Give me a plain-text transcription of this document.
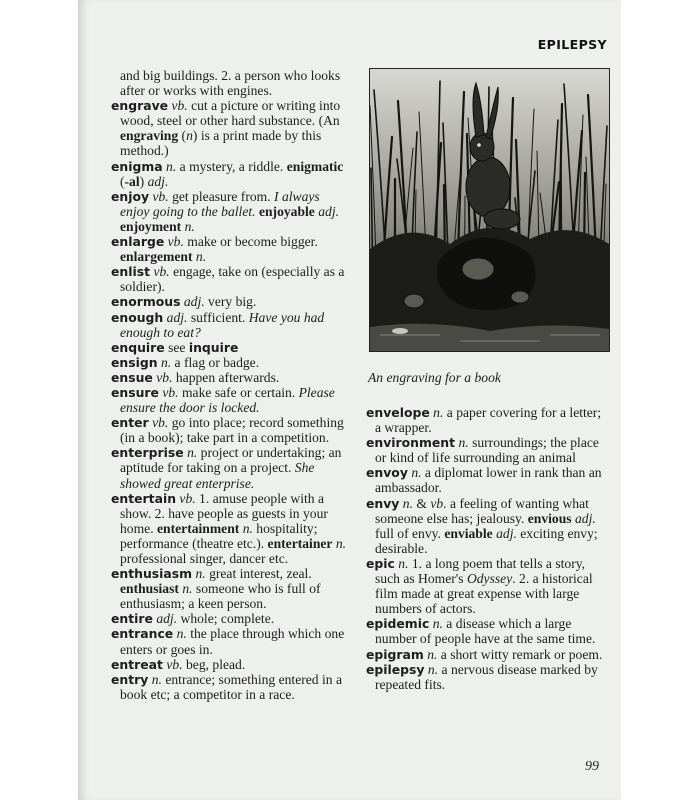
EPILEPSY

and big buildings. 2. a person who looks after or works with engines.

engrave vb. cut a picture or writing into wood, steel or other hard substance. (An engraving (n) is a print made by this method.)

enigma n. a mystery, a riddle. enigmatic (-al) adj.

enjoy vb. get pleasure from. I always enjoy going to the ballet. enjoyable adj. enjoyment n.

enlarge vb. make or become bigger. enlargement n.

enlist vb. engage, take on (especially as a soldier).

enormous adj. very big.

enough adj. sufficient. Have you had enough to eat?

enquire see inquire

ensign n. a flag or badge.

ensue vb. happen afterwards.

ensure vb. make safe or certain. Please ensure the door is locked.

enter vb. go into place; record something (in a book); take part in a competition.

enterprise n. project or undertaking; an aptitude for taking on a project. She showed great enterprise.

entertain vb. 1. amuse people with a show. 2. have people as guests in your home. entertainment n. hospitality; performance (theatre etc.). entertainer n. professional singer, dancer etc.

enthusiasm n. great interest, zeal. enthusiast n. someone who is full of enthusiasm; a keen person.

entire adj. whole; complete.

entrance n. the place through which one enters or goes in.

entreat vb. beg, plead.

entry n. entrance; something entered in a book etc; a competitor in a race.

An engraving for a book

envelope n. a paper covering for a letter; a wrapper.

environment n. surroundings; the place or kind of life surrounding an animal

envoy n. a diplomat lower in rank than an ambassador.

envy n. & vb. a feeling of wanting what someone else has; jealousy. envious adj. full of envy. enviable adj. exciting envy; desirable.

epic n. 1. a long poem that tells a story, such as Homer's Odyssey. 2. a historical film made at great expense with large numbers of actors.

epidemic n. a disease which a large number of people have at the same time.

epigram n. a short witty remark or poem.

epilepsy n. a nervous disease marked by repeated fits.

99
